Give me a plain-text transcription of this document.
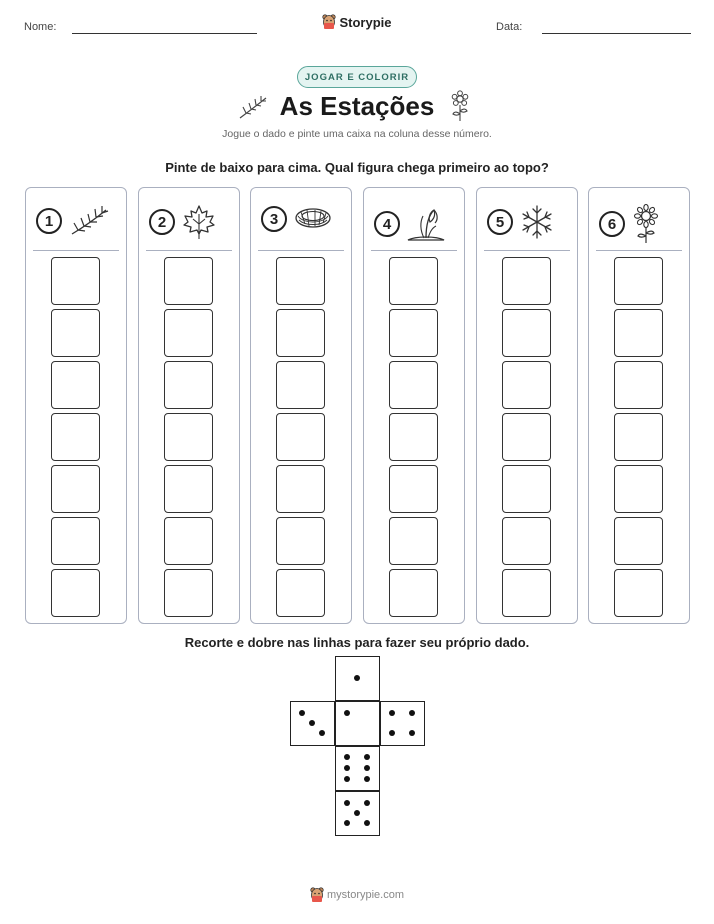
Nome:	Data:
Storypie
JOGAR E COLORIR
As Estações
Jogue o dado e pinte uma caixa na coluna desse número.
Pinte de baixo para cima. Qual figura chega primeiro ao topo?
1	2	3	4	5	6
Recorte e dobre nas linhas para fazer seu próprio dado.
mystorypie.com
